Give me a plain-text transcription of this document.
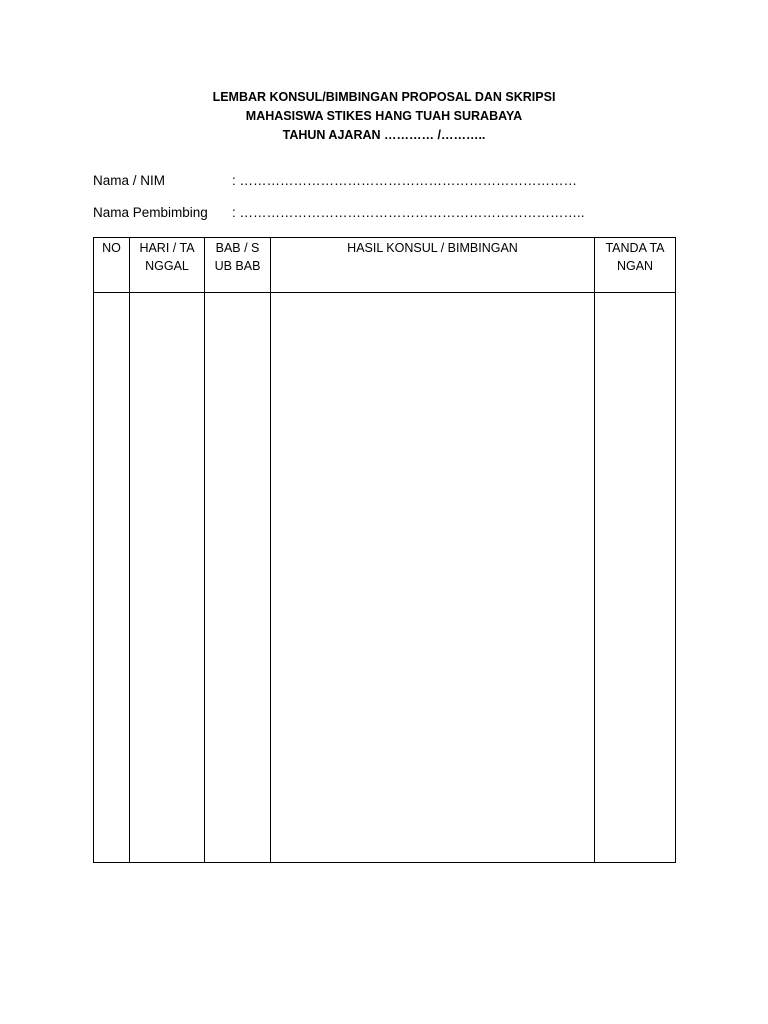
LEMBAR KONSUL/BIMBINGAN PROPOSAL DAN SKRIPSI
MAHASISWA STIKES HANG TUAH SURABAYA
TAHUN AJARAN ………… /………..
Nama / NIM	: …………………………………………………………………
Nama Pembimbing : …………………………………………………………………..
NO	HARI / TANGGAL	BAB / SUB BAB	HASIL KONSUL / BIMBINGAN	TANDA TANGAN
